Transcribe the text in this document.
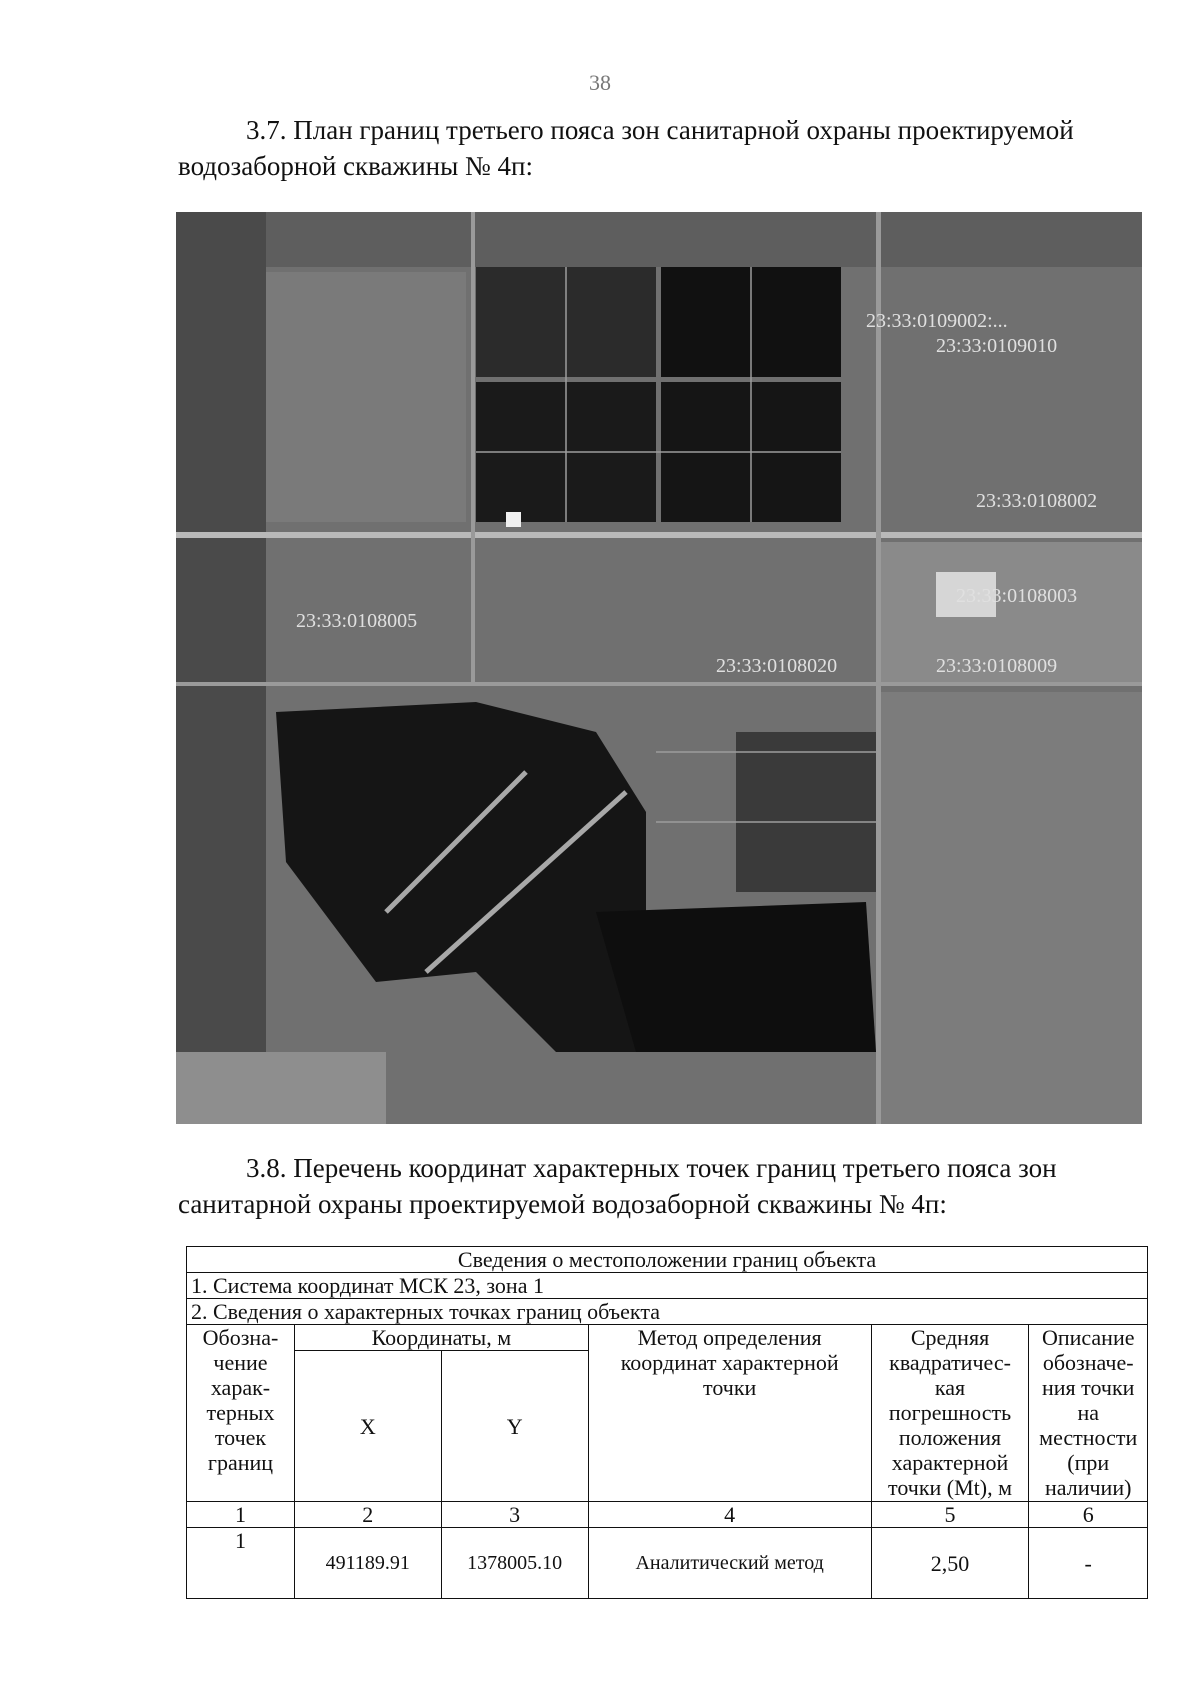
38
3.7. План границ третьего пояса зон санитарной охраны проектируемой
водозаборной скважины № 4п:
23:33:0109002:...
23:33:0109010
23:33:0108002
23:33:0108003
23:33:0108009
23:33:0108005
23:33:0108020
3.8. Перечень координат характерных точек границ третьего пояса зон
санитарной охраны проектируемой водозаборной скважины № 4п:
Сведения о местоположении границ объекта					
1. Система координат МСК 23, зона 1					
2. Сведения о характерных точках границ объекта					
Обозна-чение харак-терных точек границ	Координаты, м		Метод определения координат характерной точки	Средняя квадратичес-кая погрешность положения характерной точки (Mt), м	Описание обозначе-ния точки на местности (при наличии)
	X	Y			
1	2	3	4	5	6
1	491189.91	1378005.10	Аналитический метод	2,50	-
